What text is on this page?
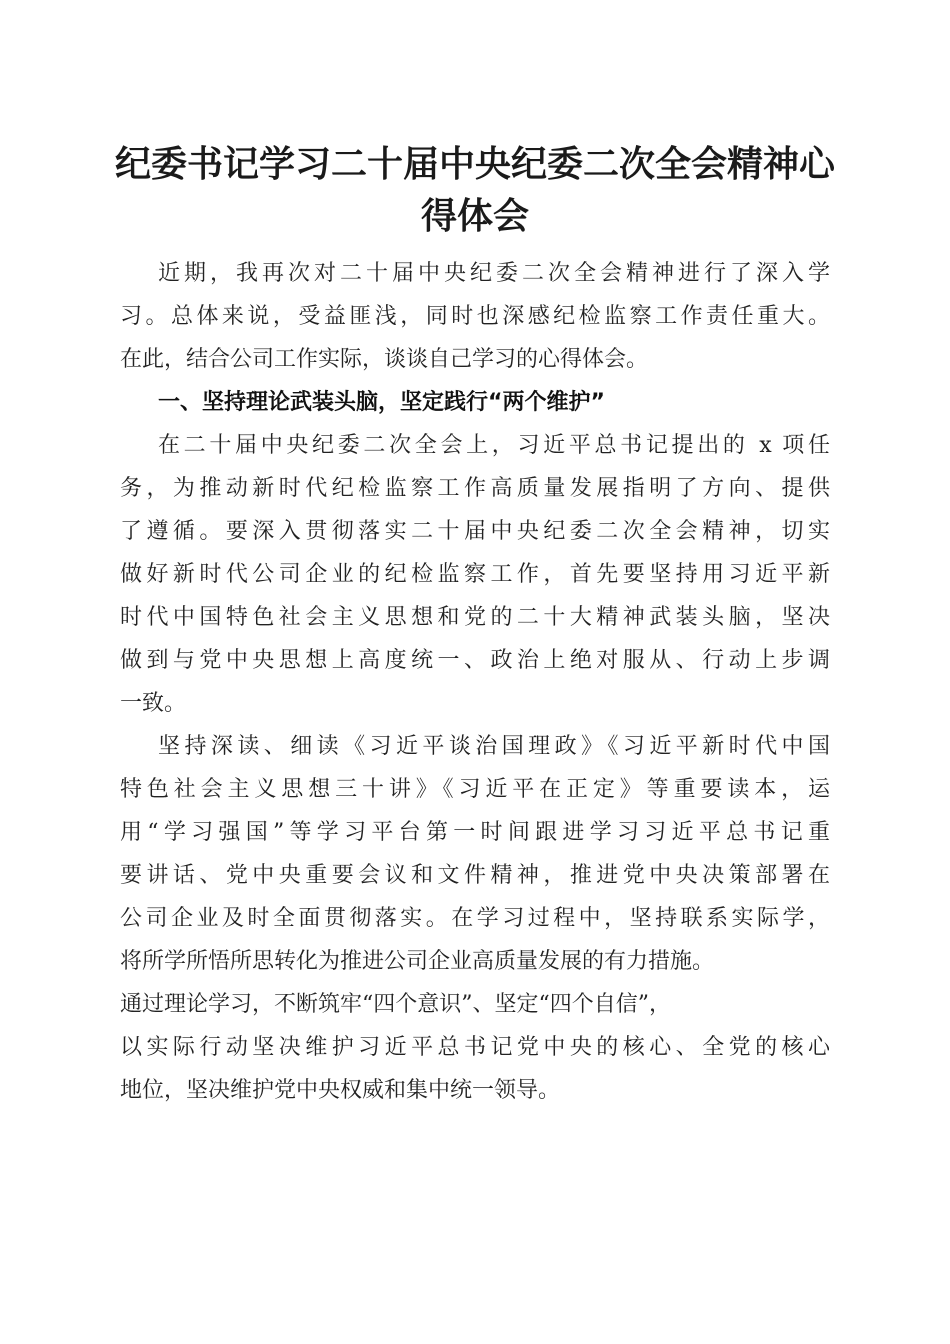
纪委书记学习二十届中央纪委二次全会精神心
得体会
近期，我再次对二十届中央纪委二次全会精神进行了深入学
习。总体来说，受益匪浅，同时也深感纪检监察工作责任重大。
在此，结合公司工作实际，谈谈自己学习的心得体会。
一、坚持理论武装头脑，坚定践行“两个维护”
在二十届中央纪委二次全会上，习近平总书记提出的 x 项任
务，为推动新时代纪检监察工作高质量发展指明了方向、提供
了遵循。要深入贯彻落实二十届中央纪委二次全会精神，切实
做好新时代公司企业的纪检监察工作，首先要坚持用习近平新
时代中国特色社会主义思想和党的二十大精神武装头脑，坚决
做到与党中央思想上高度统一、政治上绝对服从、行动上步调
一致。
坚持深读、细读《习近平谈治国理政》《习近平新时代中国
特色社会主义思想三十讲》《习近平在正定》等重要读本，运
用“学习强国”等学习平台第一时间跟进学习习近平总书记重
要讲话、党中央重要会议和文件精神，推进党中央决策部署在
公司企业及时全面贯彻落实。在学习过程中，坚持联系实际学，
将所学所悟所思转化为推进公司企业高质量发展的有力措施。
通过理论学习，不断筑牢“四个意识”、坚定“四个自信”，
以实际行动坚决维护习近平总书记党中央的核心、全党的核心
地位，坚决维护党中央权威和集中统一领导。
